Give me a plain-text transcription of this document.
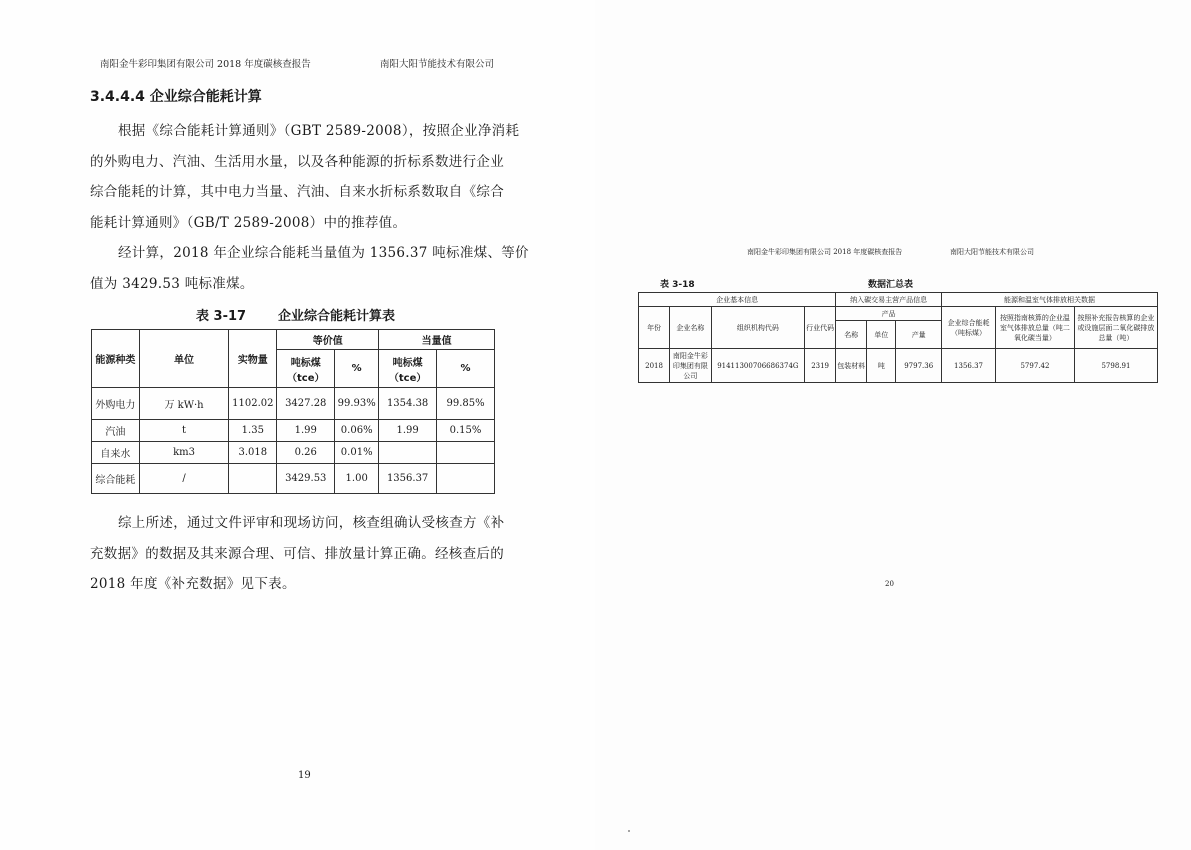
南阳金牛彩印集团有限公司 2018 年度碳核查报告	南阳大阳节能技术有限公司
3.4.4.4 企业综合能耗计算
根据《综合能耗计算通则》（GBT 2589-2008），按照企业净消耗
的外购电力、汽油、生活用水量，以及各种能源的折标系数进行企业
综合能耗的计算，其中电力当量、汽油、自来水折标系数取自《综合
能耗计算通则》（GB/T 2589-2008）中的推荐值。
经计算，2018 年企业综合能耗当量值为 1356.37 吨标准煤、等价
值为 3429.53 吨标准煤。
表 3-17 企业综合能耗计算表
能源种类	单位	实物量	等价值		当量值	
			吨标煤（tce）	%	吨标煤（tce）	%
外购电力	万 kW·h	1102.02	3427.28	99.93%	1354.38	99.85%
汽油	t	1.35	1.99	0.06%	1.99	0.15%
自来水	km3	3.018	0.26	0.01%		
综合能耗	/		3429.53	1.00	1356.37	
综上所述，通过文件评审和现场访问，核查组确认受核查方《补
充数据》的数据及其来源合理、可信、排放量计算正确。经核查后的
2018 年度《补充数据》见下表。
19
南阳金牛彩印集团有限公司 2018 年度碳核查报告	南阳大阳节能技术有限公司
20
表 3-18	数据汇总表
企业基本信息				纳入碳交易主营产品信息			能源和温室气体排放相关数据		
年份	企业名称	组织机构代码	行业代码	产品			企业综合能耗（吨标煤）	按照指南核算的企业温室气体排放总量（吨二氧化碳当量）	按照补充报告核算的企业或设施层面二氧化碳排放总量（吨）
				名称	单位	产量			
2018	南阳金牛彩印集团有限公司	91411300706686374G	2319	包装材料	吨	9797.36	1356.37	5797.42	5798.91
